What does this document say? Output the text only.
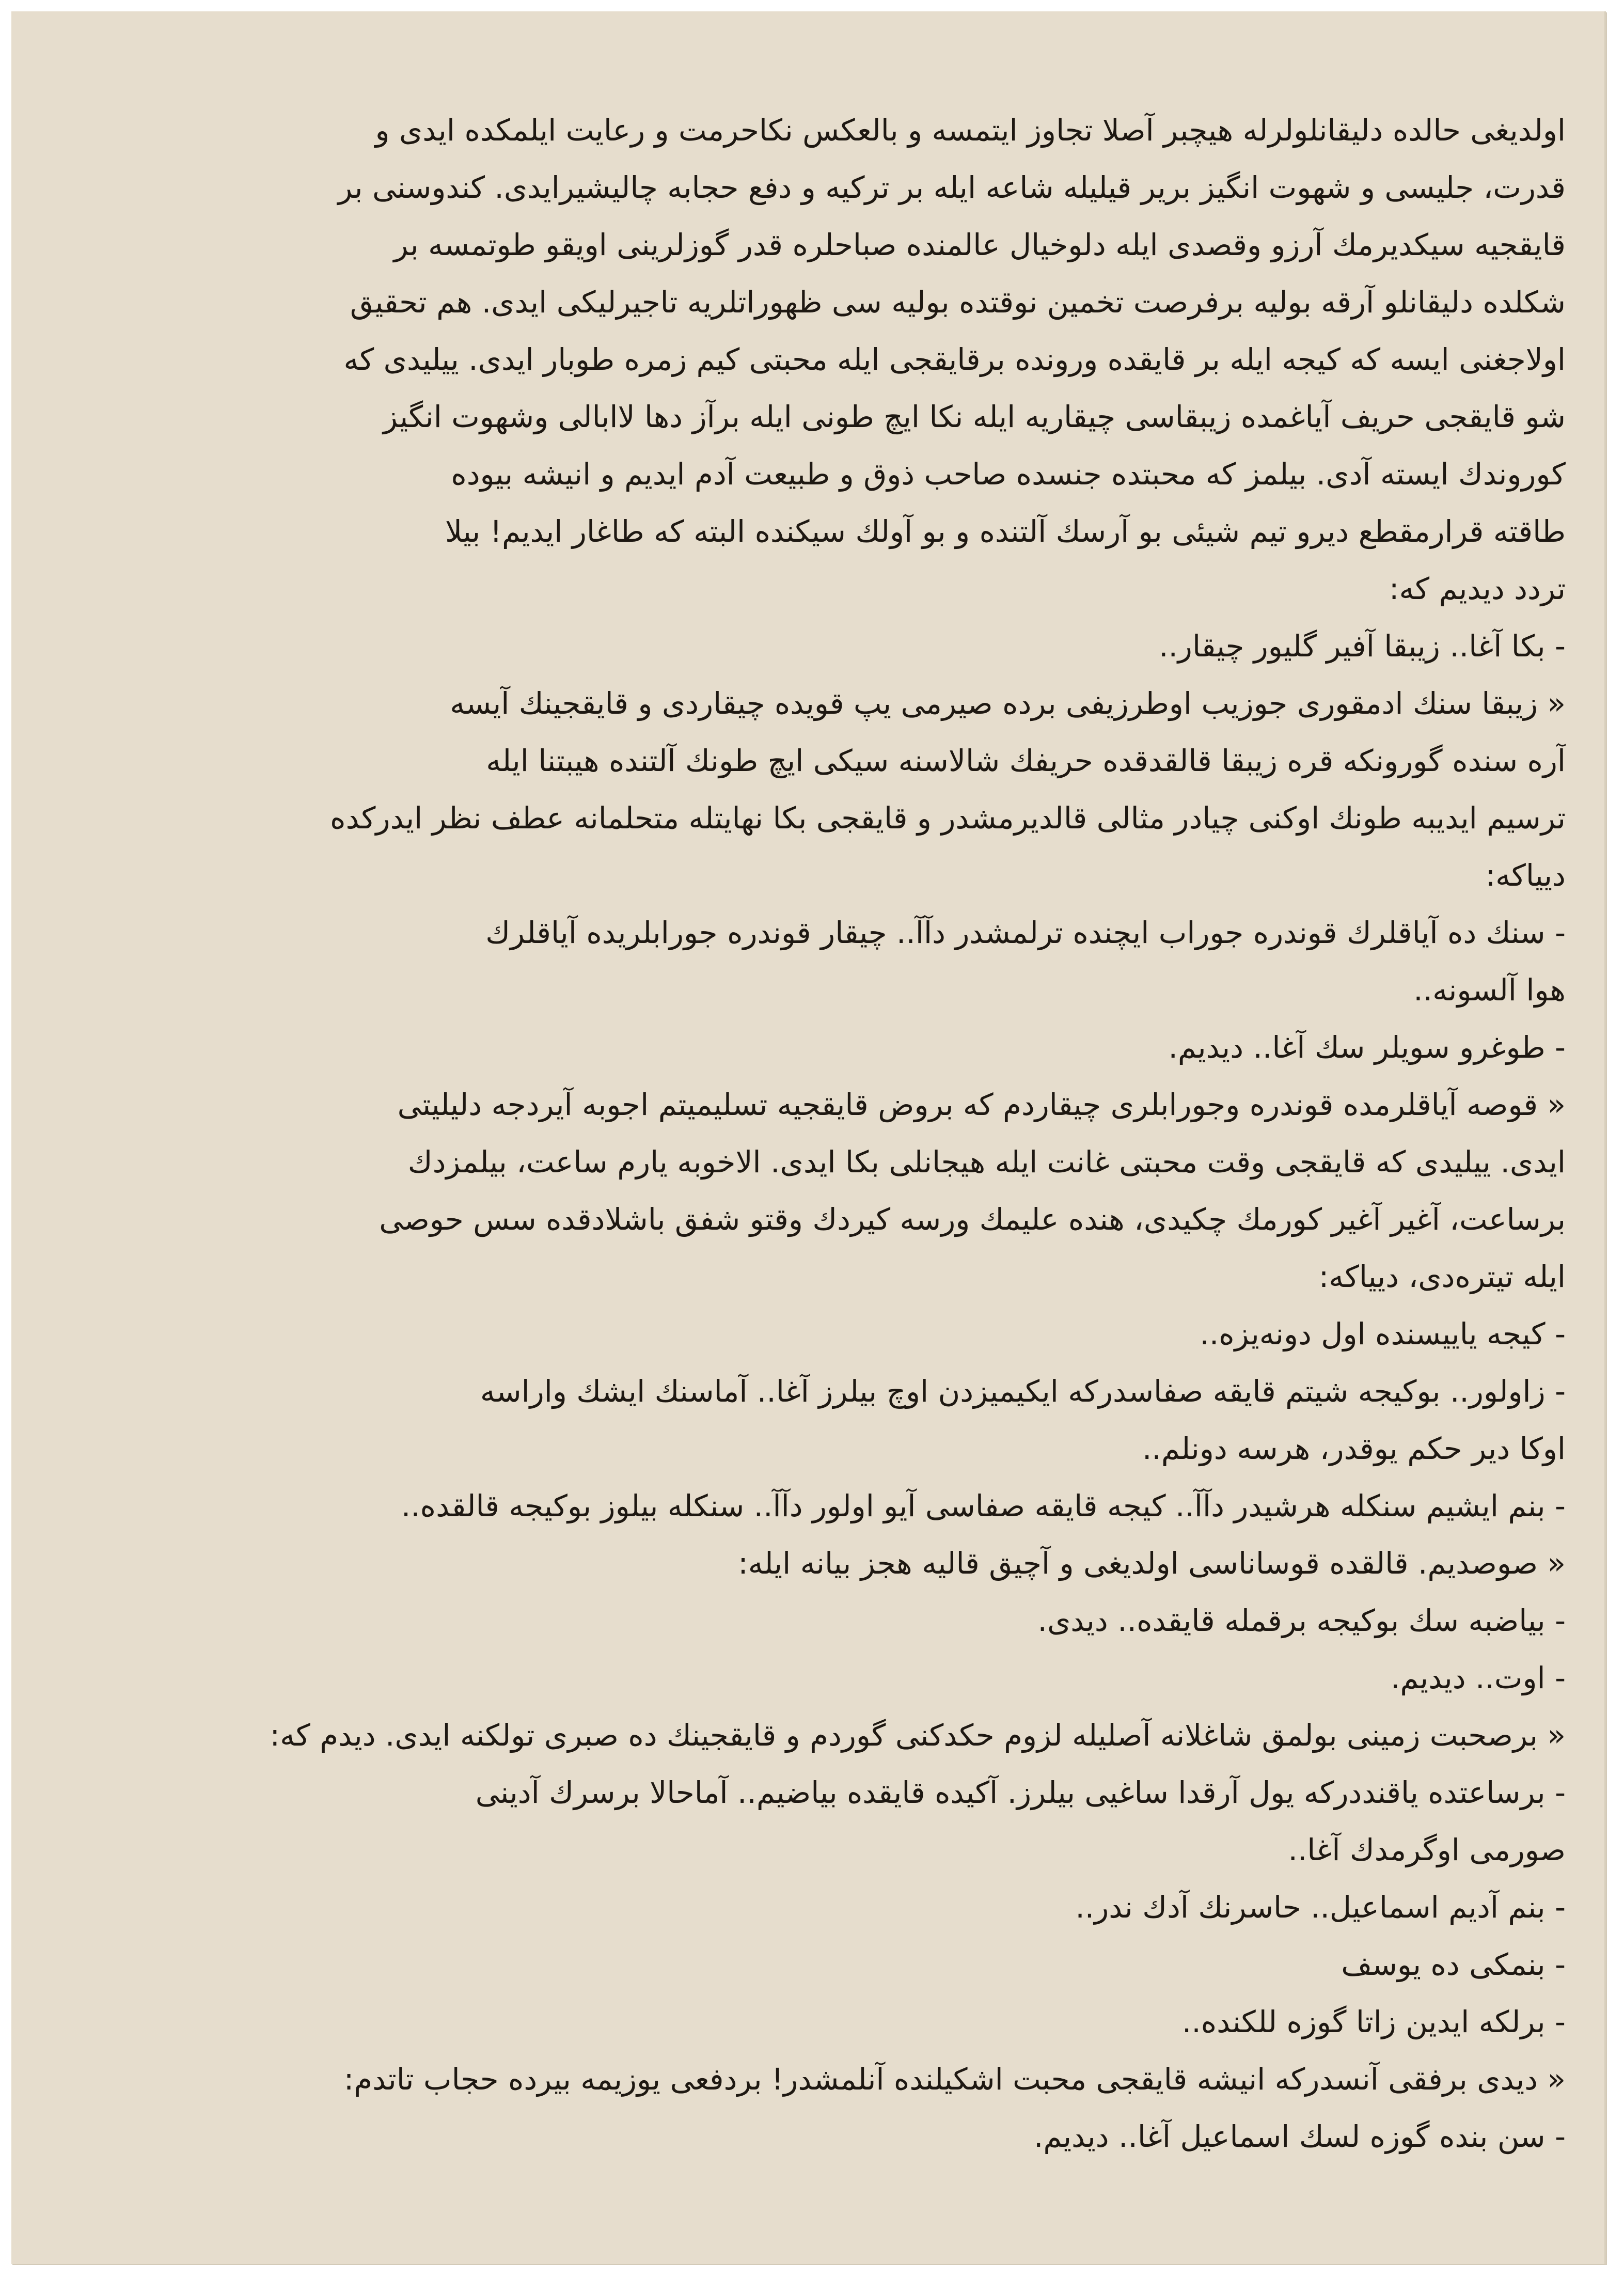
اولدیغی حالده دلیقانلولرله هیچبر آصلا تجاوز ایتمسه و بالعکس نکاحرمت و رعایت ایلمکده ایدی و
قدرت، جلیسی و شهوت انگیز بریر قیلیله شاعه ایله بر ترکیه و دفع حجابه چالیشیرایدی. کندوسنی بر
قایقجیه سیکدیرمك آرزو وقصدی ایله دلوخیال عالمنده صباحلره قدر گوزلرینی اویقو طوتمسه بر
شکلده دلیقانلو آرقه بولیه برفرصت تخمین نوقتده بولیه سی ظهوراتلریه تاجیرلیکی ایدی. هم تحقیق
اولاجغنی ایسه که کیجه ایله بر قایقده ورونده برقایقجی ایله محبتی کیم زمره طوبار ایدی. ییلیدی که
شو قایقجی حریف آیاغمده زیبقاسی چیقاریه ایله نکا ایچ طونی ایله برآز دها لاابالی وشهوت انگیز
کوروندك ایسته آدی. بیلمز که محبتده جنسده صاحب ذوق و طبیعت آدم ایدیم و انیشه بیوده
طاقته قرارمقطع دیرو تیم شیئی بو آرسك آلتنده و بو آولك سیکنده البته که طاغار ایدیم! بیلا
تردد دیدیم که:
- بکا آغا.. زیبقا آفیر گلیور چیقار..
« زیبقا سنك ادمقوری جوزیب اوطرزیفی برده صیرمی یپ قویده چیقاردی و قایقجینك آیسه
آره سنده گورونکه قره زیبقا قالقدقده حریفك شالاسنه سیکی ایچ طونك آلتنده هیبتنا ایله
ترسیم ایدیبه طونك اوکنی چیادر مثالی قالدیرمشدر و قایقجی بکا نهایتله متحلمانه عطف نظر ایدرکده
دییاکه:
- سنك ده آیاقلرك قوندره جوراب ایچنده ترلمشدر دآآ.. چیقار قوندره جورابلریده آیاقلرك
هوا آلسونه..
- طوغرو سویلر سك آغا.. دیدیم.
« قوصه آیاقلرمده قوندره وجورابلری چیقاردم که بروض قایقجیه تسلیمیتم اجوبه آیردجه دلیلیتی
ایدی. ییلیدی که قایقجی وقت محبتی غانت ایله هیجانلی بکا ایدی. الاخوبه یارم ساعت، بیلمزدك
برساعت، آغیر آغیر کورمك چکیدی، هنده علیمك ورسه کیردك وقتو شفق باشلادقده سس حوصی
ایله تیتره‌دی، دییاکه:
- کیجه یاییسنده اول دونه‌یزه..
- زاولور.. بوکیجه شیتم قایقه صفاسدرکه ایکیمیزدن اوچ بیلرز آغا.. آماسنك ایشك واراسه
اوکا دیر حکم یوقدر، هرسه دونلم..
- بنم ایشیم سنکله هرشیدر دآآ.. کیجه قایقه صفاسی آیو اولور دآآ.. سنکله بیلوز بوکیجه قالقده..
« صوصدیم. قالقده قوساناسی اولدیغی و آچیق قالیه هجز بیانه ایله:
- بیاضبه سك بوکیجه برقمله قایقده.. دیدی.
- اوت.. دیدیم.
« برصحبت زمینی بولمق شاغلانه آصلیله لزوم حکدکنی گوردم و قایقجینك ده صبری تولکنه ایدی. دیدم که:
- برساعتده یاقنددرکه یول آرقدا ساغیی بیلرز. آکیده قایقده بیاضیم.. آماحالا برسرك آدینی
صورمی اوگرمدك آغا..
- بنم آدیم اسماعیل.. حاسرنك آدك ندر..
- بنمکی ده یوسف
- برلکه ایدین زاتا گوزه للکنده..
« دیدی برفقی آنسدرکه انیشه قایقجی محبت اشکیلنده آنلمشدر! بردفعی یوزیمه بیرده حجاب تاتدم:
- سن بنده گوزه لسك اسماعیل آغا.. دیدیم.
